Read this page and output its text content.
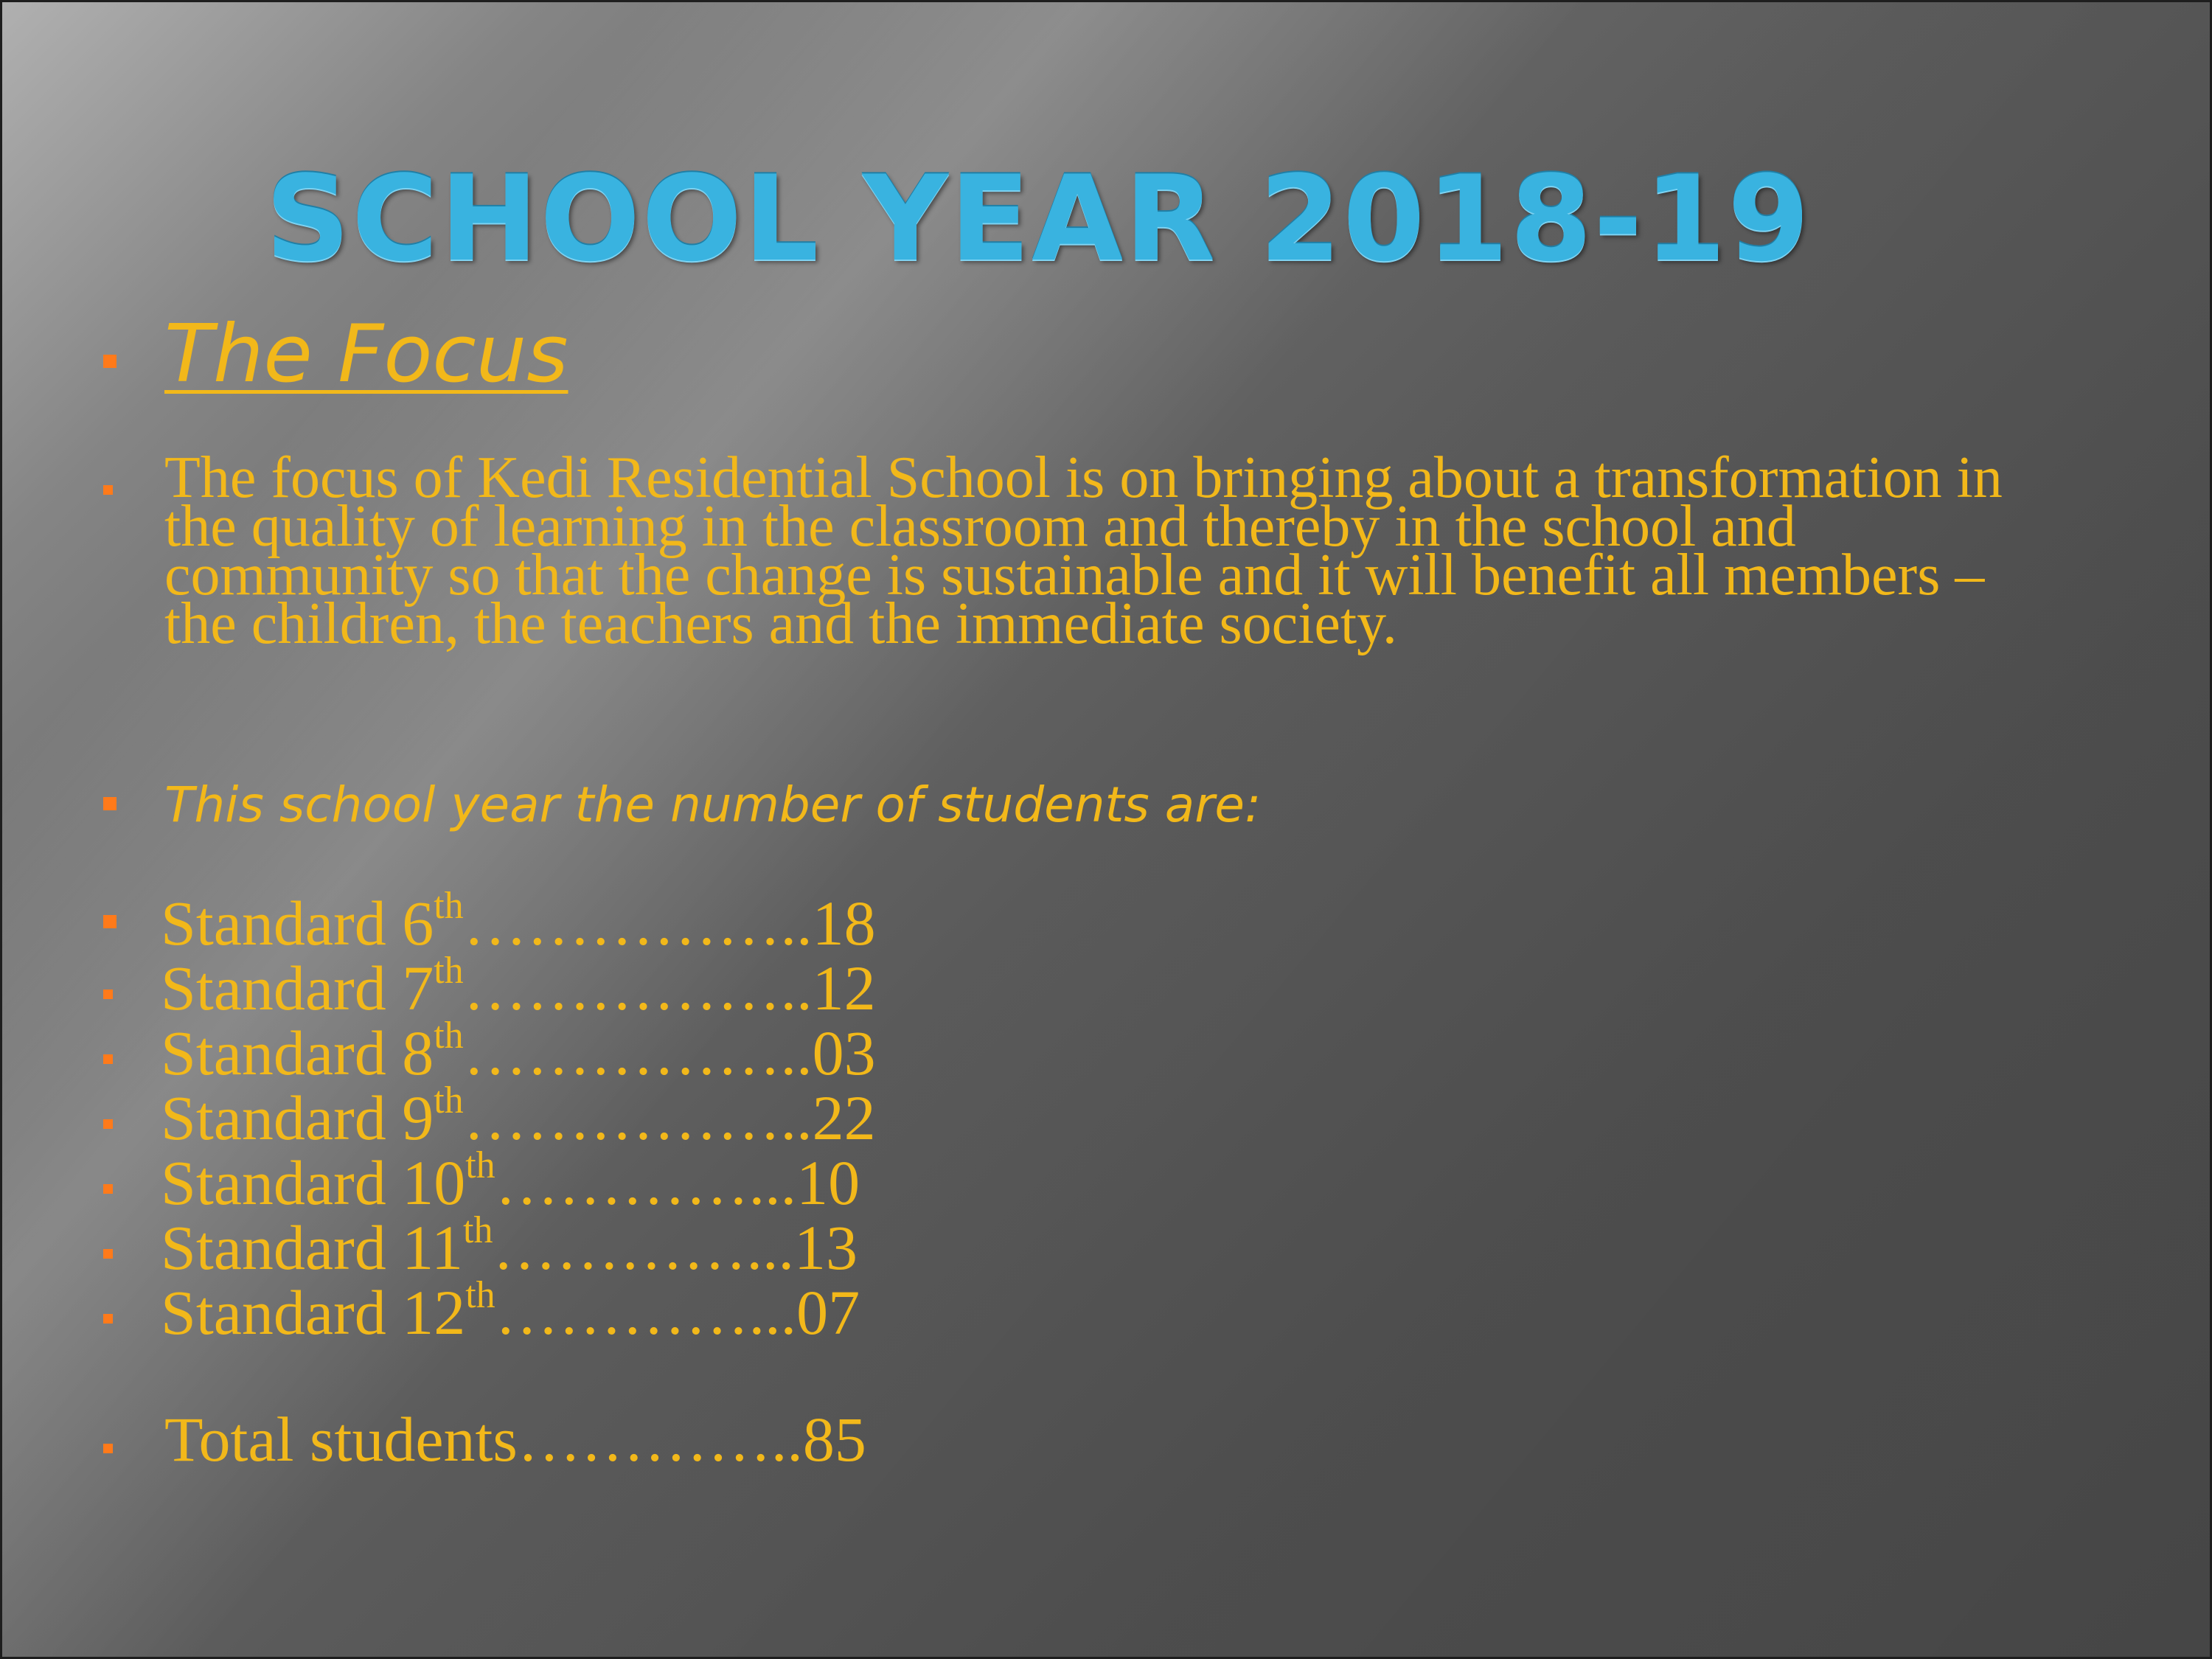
SCHOOL YEAR 2018-19

The Focus

The focus of Kedi Residential School is on bringing about a transformation in the quality of learning in the classroom and thereby in the school and community so that the change is sustainable and it will benefit all members – the children, the teachers and the immediate society.

This school year the number of students are:

Standard 6th……………..18
Standard 7th……………..12
Standard 8th……………..03
Standard 9th……………..22
Standard 10th…………...10
Standard 11th…………...13
Standard 12th…………...07
Total students…………..85
